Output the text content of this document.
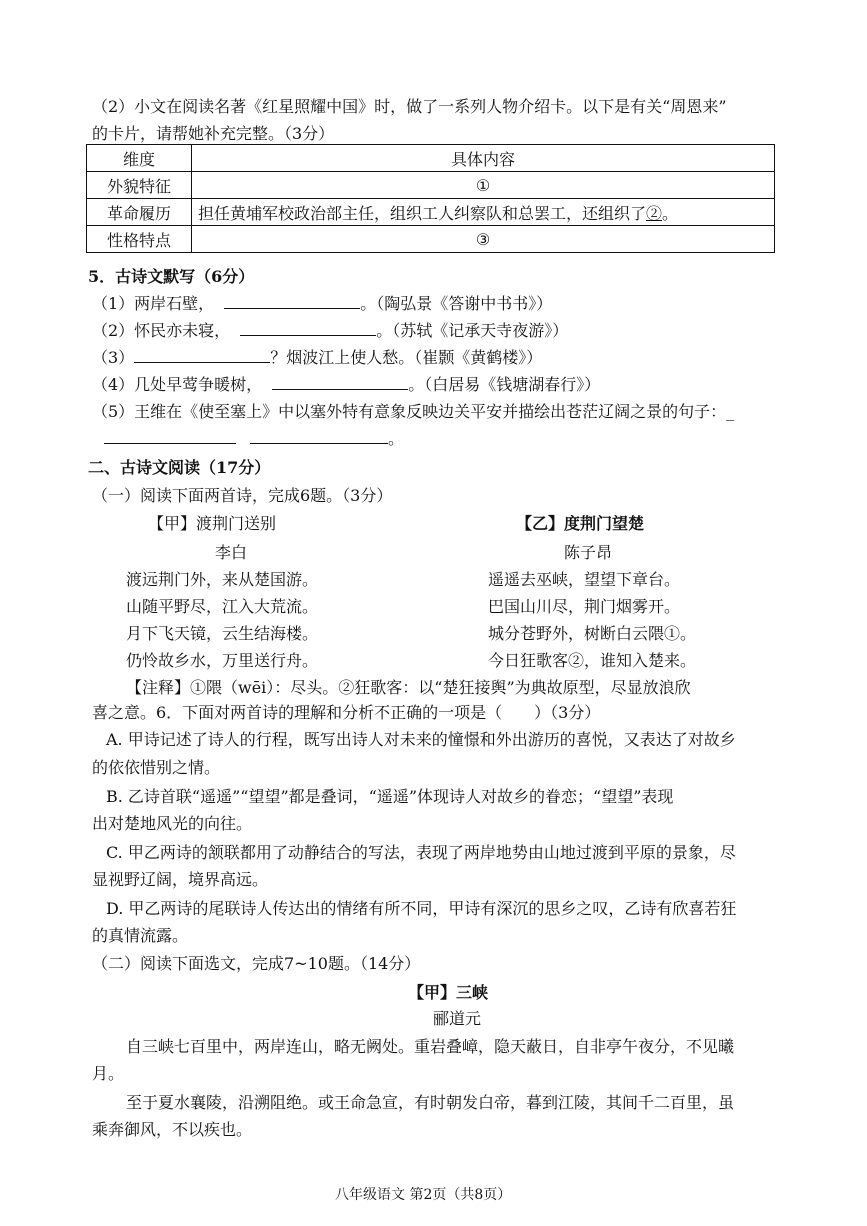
（2）小文在阅读名著《红星照耀中国》时，做了一系列人物介绍卡。以下是有关“周恩来”
的卡片，请帮她补充完整。（3分）
维度	具体内容
外貌特征	①
革命履历	担任黄埔军校政治部主任，组织工人纠察队和总罢工，还组织了②。
性格特点	③
5．古诗文默写（6分）
（1）两岸石壁，	。（陶弘景《答谢中书书》）
（2）怀民亦未寝，	。（苏轼《记承天寺夜游》）
（3）	？烟波江上使人愁。（崔颢《黄鹤楼》）
（4）几处早莺争暖树，	。（白居易《钱塘湖春行》）
（5）王维在《使至塞上》中以塞外特有意象反映边关平安并描绘出苍茫辽阔之景的句子：_
。
二、古诗文阅读（17分）
（一）阅读下面两首诗，完成6题。（3分）
【甲】渡荆门送别
李白
渡远荆门外，来从楚国游。
山随平野尽，江入大荒流。
月下飞天镜，云生结海楼。
仍怜故乡水，万里送行舟。
【乙】度荆门望楚
陈子昂
遥遥去巫峡，望望下章台。
巴国山川尽，荆门烟雾开。
城分苍野外，树断白云隈①。
今日狂歌客②，谁知入楚来。
【注释】①隈（wēi）：尽头。②狂歌客：以“楚狂接舆”为典故原型，尽显放浪欣
喜之意。6．下面对两首诗的理解和分析不正确的一项是（　　）（3分）
A. 甲诗记述了诗人的行程，既写出诗人对未来的憧憬和外出游历的喜悦，又表达了对故乡
的依依惜别之情。
B. 乙诗首联“遥遥”“望望”都是叠词，“遥遥”体现诗人对故乡的眷恋；“望望”表现
出对楚地风光的向往。
C. 甲乙两诗的颔联都用了动静结合的写法，表现了两岸地势由山地过渡到平原的景象，尽
显视野辽阔，境界高远。
D. 甲乙两诗的尾联诗人传达出的情绪有所不同，甲诗有深沉的思乡之叹，乙诗有欣喜若狂
的真情流露。
（二）阅读下面选文，完成7~10题。（14分）
【甲】三峡
郦道元
自三峡七百里中，两岸连山，略无阙处。重岩叠嶂，隐天蔽日，自非亭午夜分，不见曦
月。
至于夏水襄陵，沿溯阻绝。或王命急宣，有时朝发白帝，暮到江陵，其间千二百里，虽
乘奔御风，不以疾也。
八年级语文 第2页（共8页）
